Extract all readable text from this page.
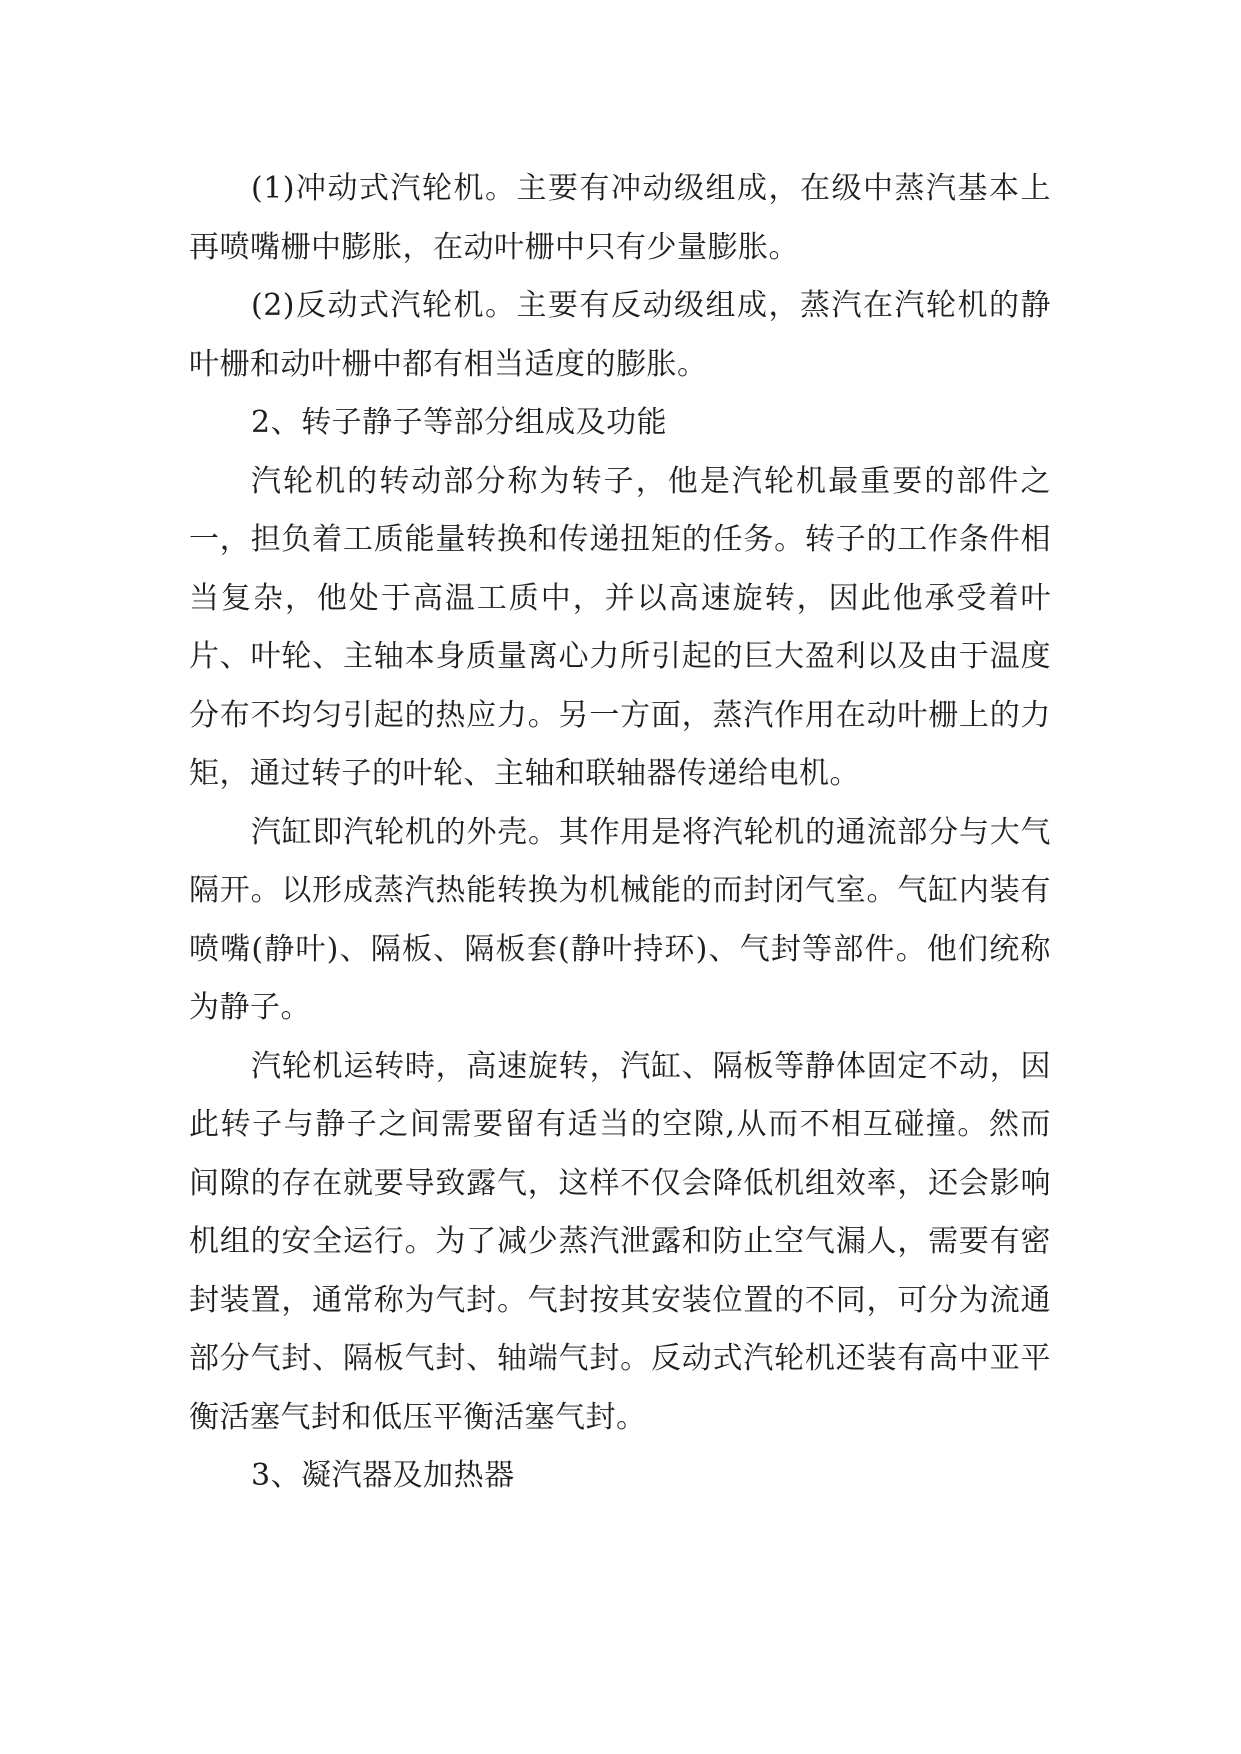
(1)冲动式汽轮机。主要有冲动级组成，在级中蒸汽基本上再喷嘴栅中膨胀，在动叶栅中只有少量膨胀。

(2)反动式汽轮机。主要有反动级组成，蒸汽在汽轮机的静叶栅和动叶栅中都有相当适度的膨胀。

2、转子静子等部分组成及功能

汽轮机的转动部分称为转子，他是汽轮机最重要的部件之一，担负着工质能量转换和传递扭矩的任务。转子的工作条件相当复杂，他处于高温工质中，并以高速旋转，因此他承受着叶片、叶轮、主轴本身质量离心力所引起的巨大盈利以及由于温度分布不均匀引起的热应力。另一方面，蒸汽作用在动叶栅上的力矩，通过转子的叶轮、主轴和联轴器传递给电机。

汽缸即汽轮机的外壳。其作用是将汽轮机的通流部分与大气隔开。以形成蒸汽热能转换为机械能的而封闭气室。气缸内装有喷嘴(静叶)、隔板、隔板套(静叶持环)、气封等部件。他们统称为静子。

汽轮机运转時，高速旋转，汽缸、隔板等静体固定不动，因此转子与静子之间需要留有适当的空隙,从而不相互碰撞。然而间隙的存在就要导致露气，这样不仅会降低机组效率，还会影响机组的安全运行。为了减少蒸汽泄露和防止空气漏人，需要有密封装置，通常称为气封。气封按其安装位置的不同，可分为流通部分气封、隔板气封、轴端气封。反动式汽轮机还装有高中亚平衡活塞气封和低压平衡活塞气封。

3、凝汽器及加热器
